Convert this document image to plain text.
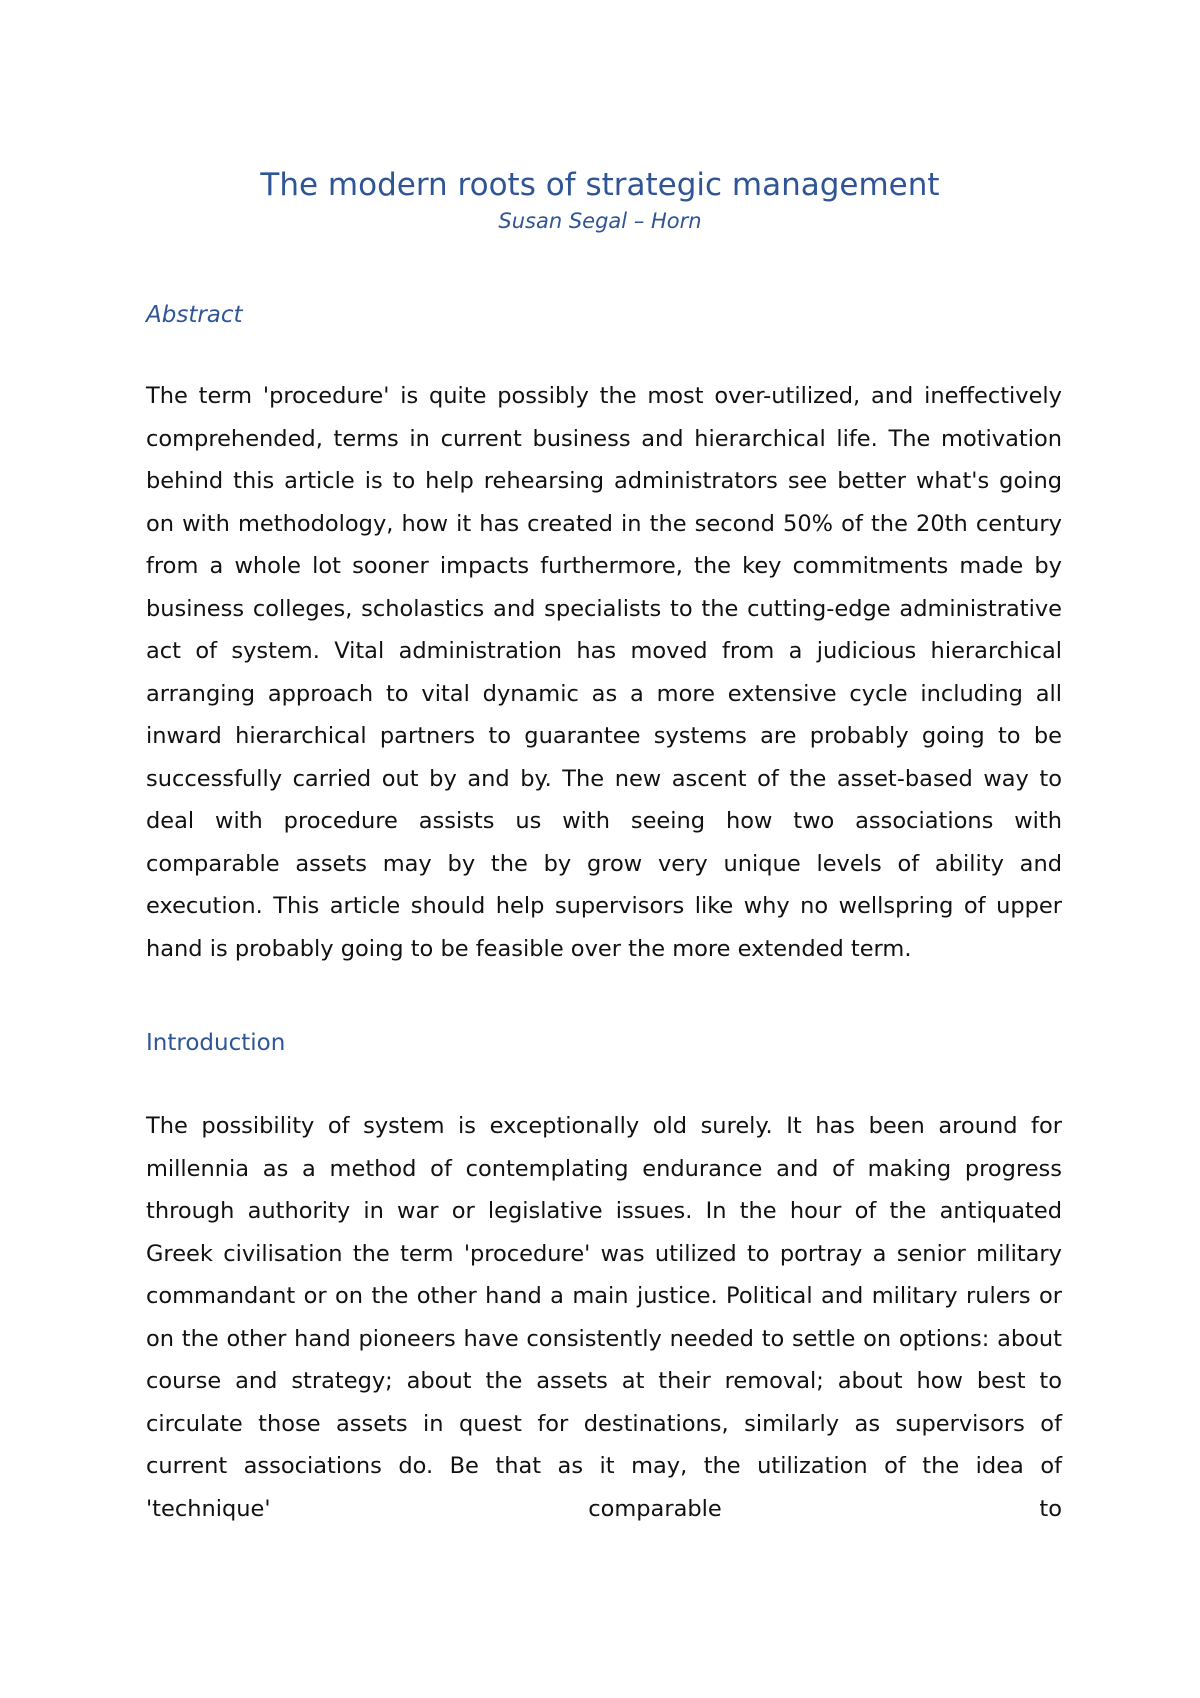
The modern roots of strategic management
Susan Segal – Horn
Abstract

The term 'procedure' is quite possibly the most over-utilized, and ineffectively comprehended, terms in current business and hierarchical life. The motivation behind this article is to help rehearsing administrators see better what's going on with methodology, how it has created in the second 50% of the 20th century from a whole lot sooner impacts furthermore, the key commitments made by business colleges, scholastics and specialists to the cutting-edge administrative act of system. Vital administration has moved from a judicious hierarchical arranging approach to vital dynamic as a more extensive cycle including all inward hierarchical partners to guarantee systems are probably going to be successfully carried out by and by. The new ascent of the asset-based way to deal with procedure assists us with seeing how two associations with comparable assets may by the by grow very unique levels of ability and execution. This article should help supervisors like why no wellspring of upper hand is probably going to be feasible over the more extended term.

Introduction

The possibility of system is exceptionally old surely. It has been around for millennia as a method of contemplating endurance and of making progress through authority in war or legislative issues. In the hour of the antiquated Greek civilisation the term 'procedure' was utilized to portray a senior military commandant or on the other hand a main justice. Political and military rulers or on the other hand pioneers have consistently needed to settle on options: about course and strategy; about the assets at their removal; about how best to circulate those assets in quest for destinations, similarly as supervisors of current associations do. Be that as it may, the utilization of the idea of 'technique' comparable to
